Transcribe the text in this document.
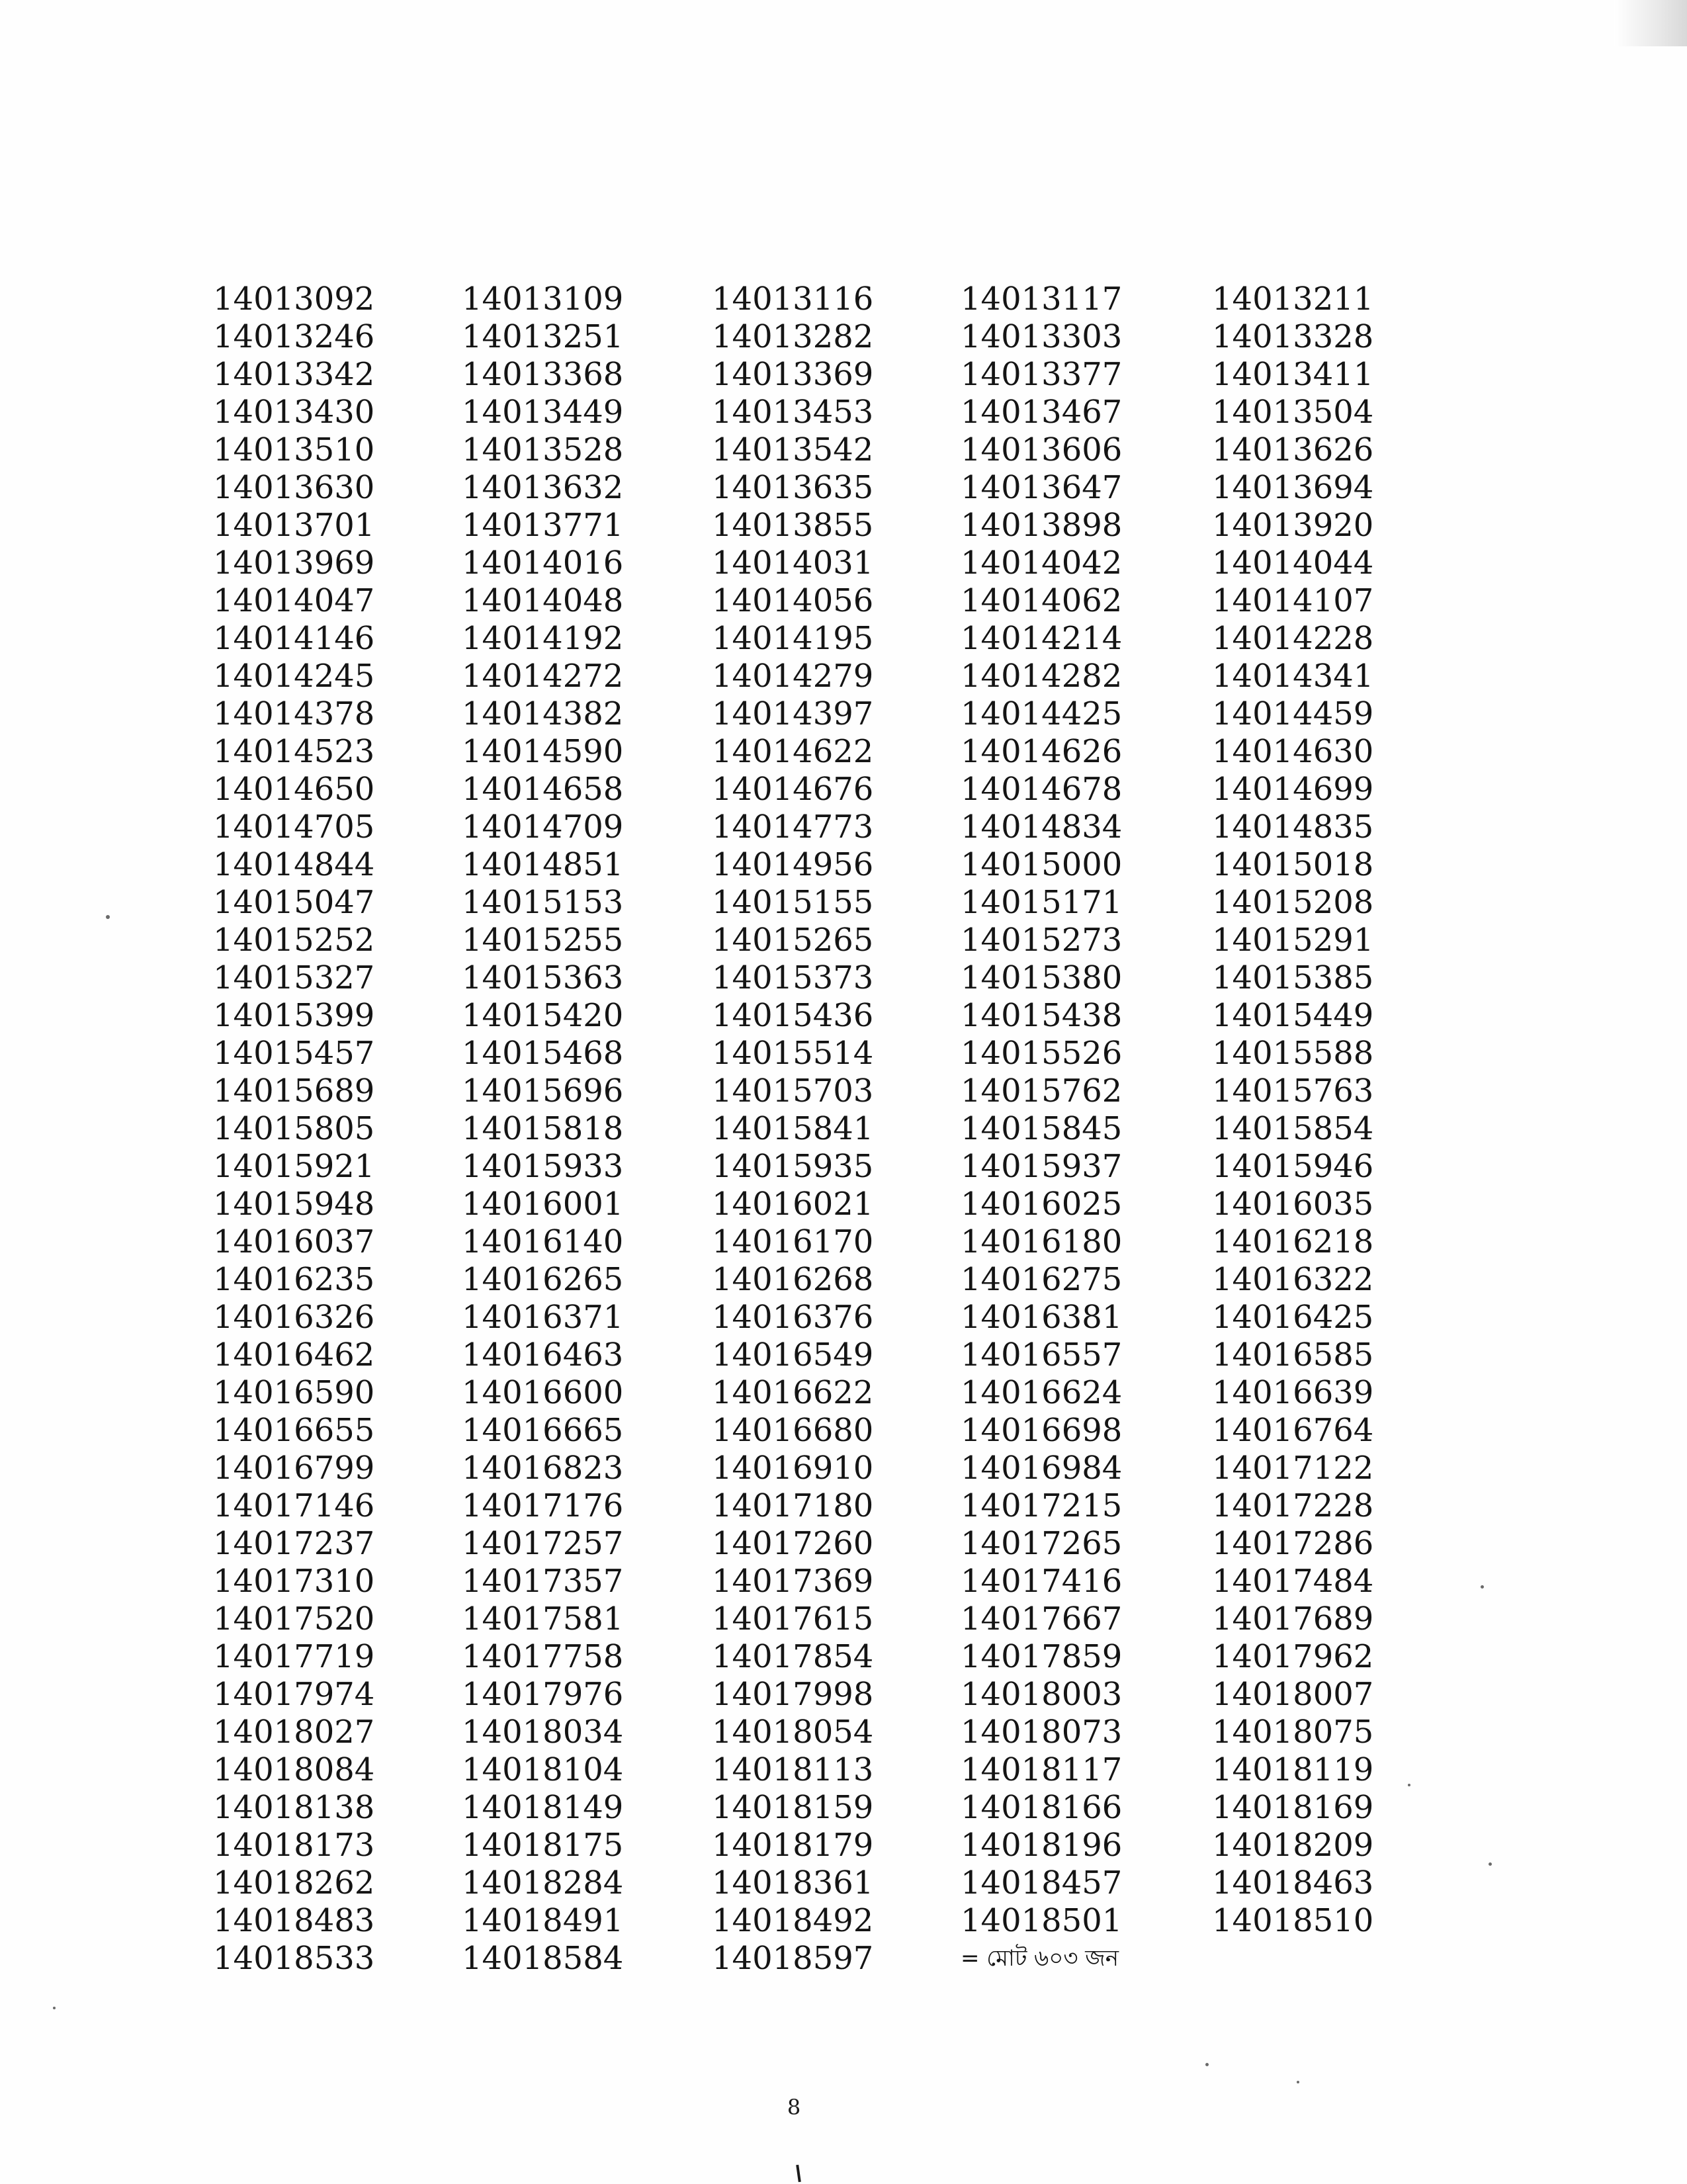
14013092	14013109	14013116	14013117	14013211
14013246	14013251	14013282	14013303	14013328
14013342	14013368	14013369	14013377	14013411
14013430	14013449	14013453	14013467	14013504
14013510	14013528	14013542	14013606	14013626
14013630	14013632	14013635	14013647	14013694
14013701	14013771	14013855	14013898	14013920
14013969	14014016	14014031	14014042	14014044
14014047	14014048	14014056	14014062	14014107
14014146	14014192	14014195	14014214	14014228
14014245	14014272	14014279	14014282	14014341
14014378	14014382	14014397	14014425	14014459
14014523	14014590	14014622	14014626	14014630
14014650	14014658	14014676	14014678	14014699
14014705	14014709	14014773	14014834	14014835
14014844	14014851	14014956	14015000	14015018
14015047	14015153	14015155	14015171	14015208
14015252	14015255	14015265	14015273	14015291
14015327	14015363	14015373	14015380	14015385
14015399	14015420	14015436	14015438	14015449
14015457	14015468	14015514	14015526	14015588
14015689	14015696	14015703	14015762	14015763
14015805	14015818	14015841	14015845	14015854
14015921	14015933	14015935	14015937	14015946
14015948	14016001	14016021	14016025	14016035
14016037	14016140	14016170	14016180	14016218
14016235	14016265	14016268	14016275	14016322
14016326	14016371	14016376	14016381	14016425
14016462	14016463	14016549	14016557	14016585
14016590	14016600	14016622	14016624	14016639
14016655	14016665	14016680	14016698	14016764
14016799	14016823	14016910	14016984	14017122
14017146	14017176	14017180	14017215	14017228
14017237	14017257	14017260	14017265	14017286
14017310	14017357	14017369	14017416	14017484
14017520	14017581	14017615	14017667	14017689
14017719	14017758	14017854	14017859	14017962
14017974	14017976	14017998	14018003	14018007
14018027	14018034	14018054	14018073	14018075
14018084	14018104	14018113	14018117	14018119
14018138	14018149	14018159	14018166	14018169
14018173	14018175	14018179	14018196	14018209
14018262	14018284	14018361	14018457	14018463
14018483	14018491	14018492	14018501	14018510
14018533	14018584	14018597	= মোট ৬০৩ জন
8
